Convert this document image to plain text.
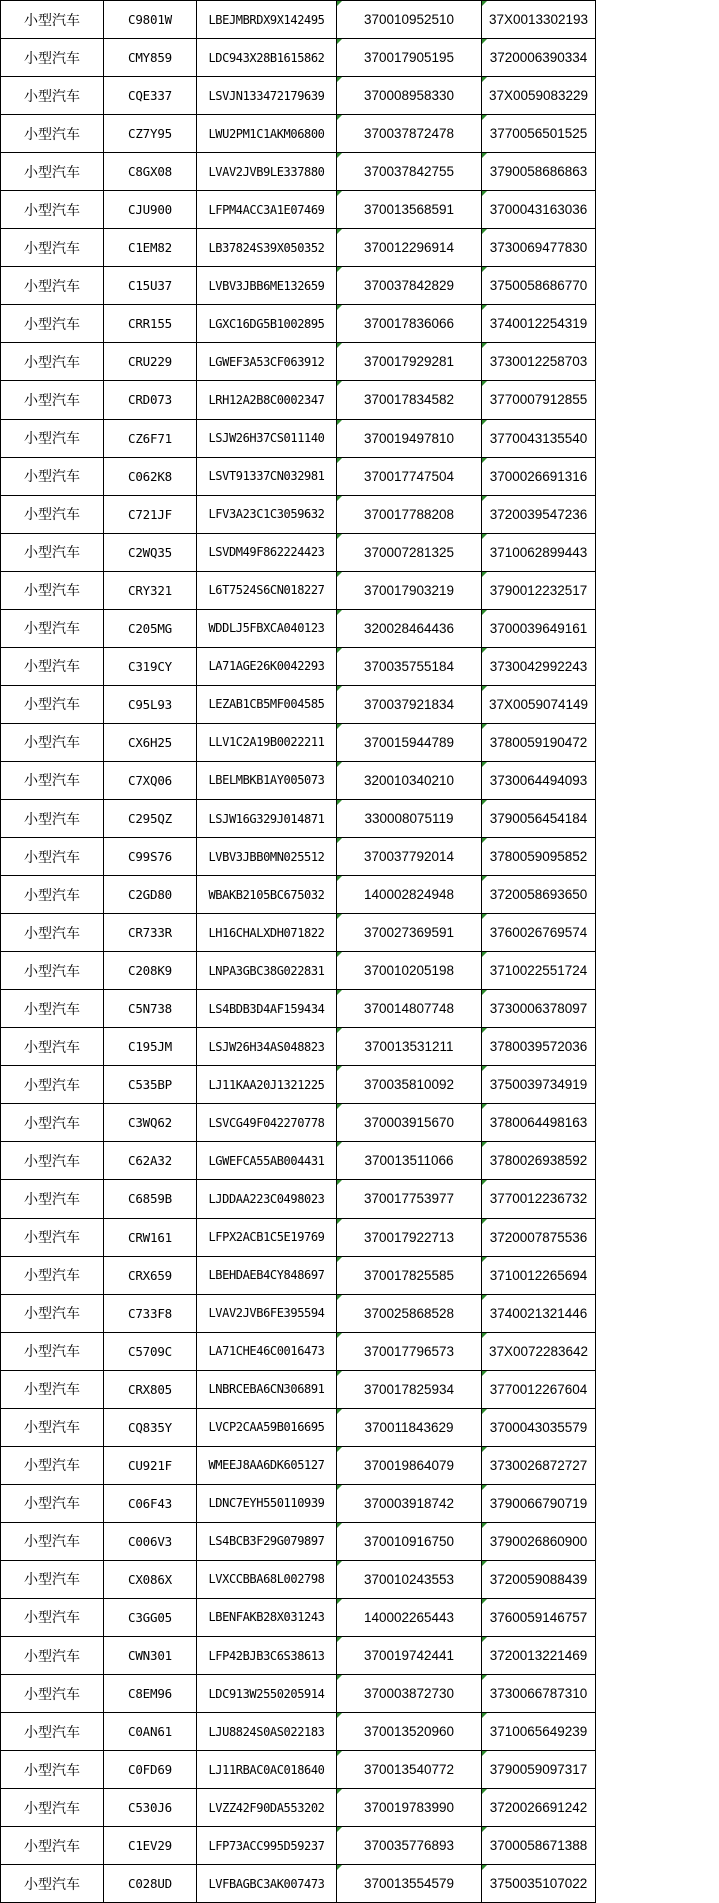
小型汽车	C9801W	LBEJMBRDX9X142495	370010952510	37X0013302193
小型汽车	CMY859	LDC943X28B1615862	370017905195	3720006390334
小型汽车	CQE337	LSVJN133472179639	370008958330	37X0059083229
小型汽车	CZ7Y95	LWU2PM1C1AKM06800	370037872478	3770056501525
小型汽车	C8GX08	LVAV2JVB9LE337880	370037842755	3790058686863
小型汽车	CJU900	LFPM4ACC3A1E07469	370013568591	3700043163036
小型汽车	C1EM82	LB37824S39X050352	370012296914	3730069477830
小型汽车	C15U37	LVBV3JBB6ME132659	370037842829	3750058686770
小型汽车	CRR155	LGXC16DG5B1002895	370017836066	3740012254319
小型汽车	CRU229	LGWEF3A53CF063912	370017929281	3730012258703
小型汽车	CRD073	LRH12A2B8C0002347	370017834582	3770007912855
小型汽车	CZ6F71	LSJW26H37CS011140	370019497810	3770043135540
小型汽车	C062K8	LSVT91337CN032981	370017747504	3700026691316
小型汽车	C721JF	LFV3A23C1C3059632	370017788208	3720039547236
小型汽车	C2WQ35	LSVDM49F862224423	370007281325	3710062899443
小型汽车	CRY321	L6T7524S6CN018227	370017903219	3790012232517
小型汽车	C205MG	WDDLJ5FBXCA040123	320028464436	3700039649161
小型汽车	C319CY	LA71AGE26K0042293	370035755184	3730042992243
小型汽车	C95L93	LEZAB1CB5MF004585	370037921834	37X0059074149
小型汽车	CX6H25	LLV1C2A19B0022211	370015944789	3780059190472
小型汽车	C7XQ06	LBELMBKB1AY005073	320010340210	3730064494093
小型汽车	C295QZ	LSJW16G329J014871	330008075119	3790056454184
小型汽车	C99S76	LVBV3JBB0MN025512	370037792014	3780059095852
小型汽车	C2GD80	WBAKB2105BC675032	140002824948	3720058693650
小型汽车	CR733R	LH16CHALXDH071822	370027369591	3760026769574
小型汽车	C208K9	LNPA3GBC38G022831	370010205198	3710022551724
小型汽车	C5N738	LS4BDB3D4AF159434	370014807748	3730006378097
小型汽车	C195JM	LSJW26H34AS048823	370013531211	3780039572036
小型汽车	C535BP	LJ11KAA20J1321225	370035810092	3750039734919
小型汽车	C3WQ62	LSVCG49F042270778	370003915670	3780064498163
小型汽车	C62A32	LGWEFCA55AB004431	370013511066	3780026938592
小型汽车	C6859B	LJDDAA223C0498023	370017753977	3770012236732
小型汽车	CRW161	LFPX2ACB1C5E19769	370017922713	3720007875536
小型汽车	CRX659	LBEHDAEB4CY848697	370017825585	3710012265694
小型汽车	C733F8	LVAV2JVB6FE395594	370025868528	3740021321446
小型汽车	C5709C	LA71CHE46C0016473	370017796573	37X0072283642
小型汽车	CRX805	LNBRCEBA6CN306891	370017825934	3770012267604
小型汽车	CQ835Y	LVCP2CAA59B016695	370011843629	3700043035579
小型汽车	CU921F	WMEEJ8AA6DK605127	370019864079	3730026872727
小型汽车	C06F43	LDNC7EYH550110939	370003918742	3790066790719
小型汽车	C006V3	LS4BCB3F29G079897	370010916750	3790026860900
小型汽车	CX086X	LVXCCBBA68L002798	370010243553	3720059088439
小型汽车	C3GG05	LBENFAKB28X031243	140002265443	3760059146757
小型汽车	CWN301	LFP42BJB3C6S38613	370019742441	3720013221469
小型汽车	C8EM96	LDC913W2550205914	370003872730	3730066787310
小型汽车	C0AN61	LJU8824S0AS022183	370013520960	3710065649239
小型汽车	C0FD69	LJ11RBAC0AC018640	370013540772	3790059097317
小型汽车	C530J6	LVZZ42F90DA553202	370019783990	3720026691242
小型汽车	C1EV29	LFP73ACC995D59237	370035776893	3700058671388
小型汽车	C028UD	LVFBAGBC3AK007473	370013554579	3750035107022
